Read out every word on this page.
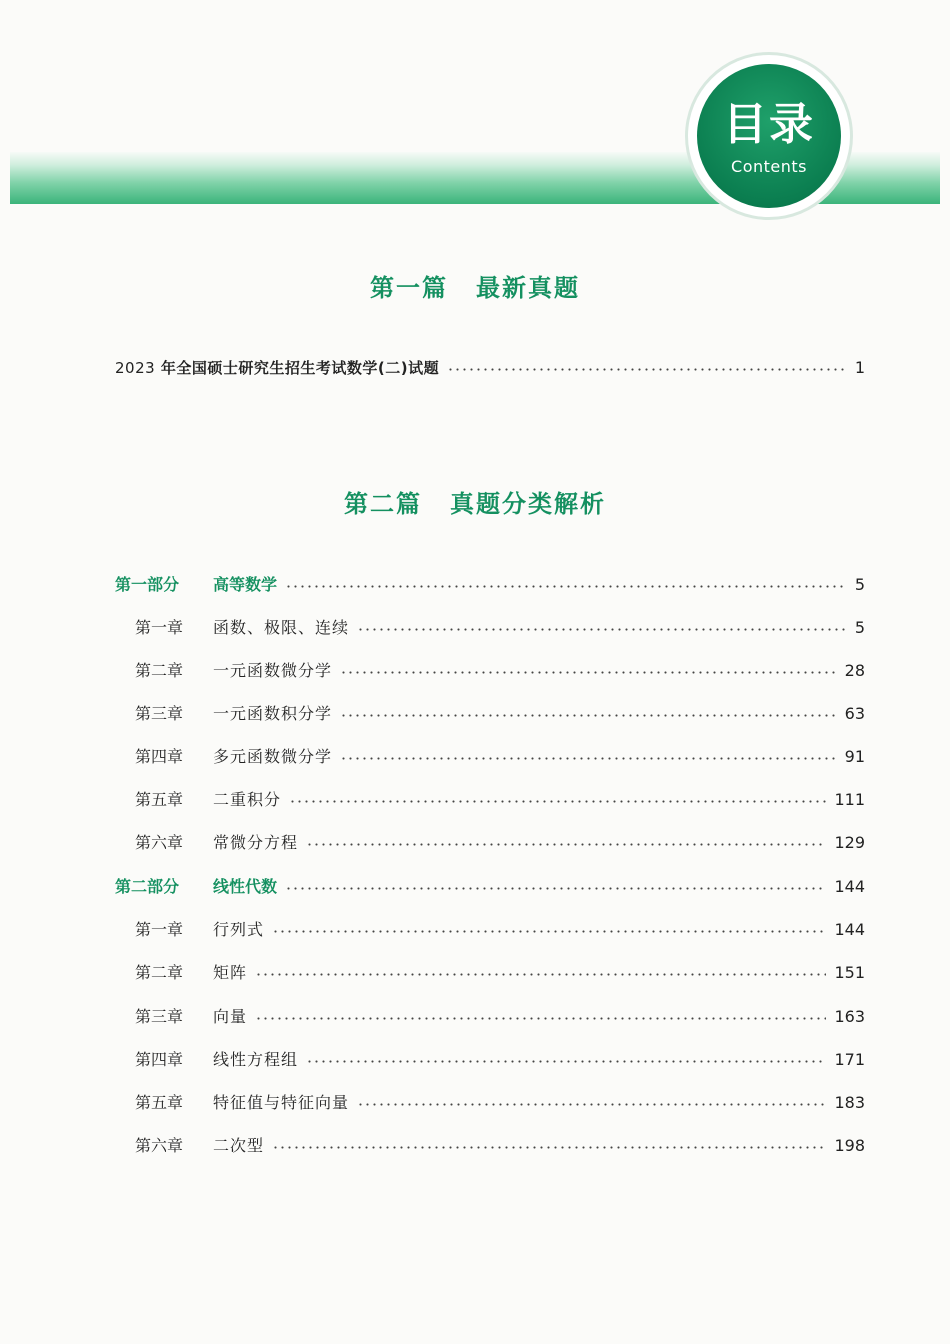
目录
Contents
第一篇 最新真题
2023 年全国硕士研究生招生考试数学(二)试题	1
第二篇 真题分类解析
第一部分	高等数学	5
第一章	函数、极限、连续	5
第二章	一元函数微分学	28
第三章	一元函数积分学	63
第四章	多元函数微分学	91
第五章	二重积分	111
第六章	常微分方程	129
第二部分	线性代数	144
第一章	行列式	144
第二章	矩阵	151
第三章	向量	163
第四章	线性方程组	171
第五章	特征值与特征向量	183
第六章	二次型	198
